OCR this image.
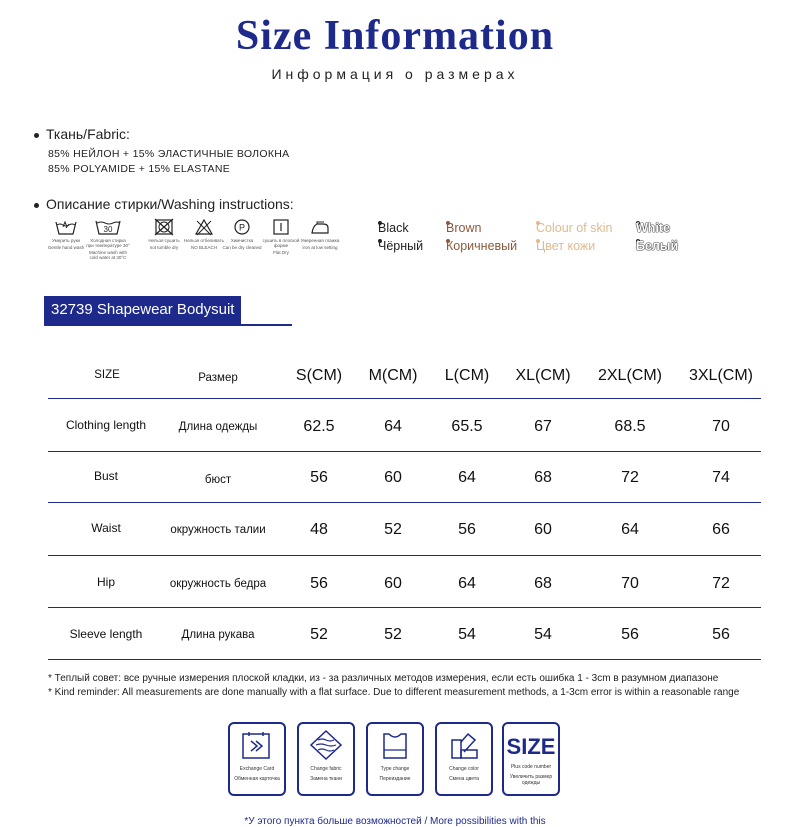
Size Information
Информация о размерах
Ткань/Fabric:
85% НЕЙЛОН + 15% ЭЛАСТИЧНЫЕ ВОЛОКНА
85% POLYAMIDE + 15% ELASTANE
Описание стирки/Washing instructions:
Умерить руки
Gentle hand wash
30
Холодная стирка при температуре 30°
Machine wash with cold water at 30°C
Нельзя сушить
not tumble dry
Нельзя отбеливать
NO BLEACH
P
Химчистка
Can be dry cleaned
сушить в плоской форме
Flat Dry
Умеренная глажка
iron at low setting
Black	Brown	Colour of skin White
Чёрный Коричневый Цвет кожи	Белый
32739 Shapewear Bodysuit
SIZE	Размер	S(CM)	M(CM)	L(CM)	XL(CM)	2XL(CM)	3XL(CM)
Clothing length	Длина одежды	62.5	64	65.5	67	68.5	70
Bust	бюст	56	60	64	68	72	74
Waist	окружность талии	48	52	56	60	64	66
Hip	окружность бедра	56	60	64	68	70	72
Sleeve length	Длина рукава	52	52	54	54	56	56
* Теплый совет: все ручные измерения плоской кладки, из - за различных методов измерения, если есть ошибка 1 - 3cm в разумном диапазоне
* Kind reminder: All measurements are done manually with a flat surface. Due to different measurement methods, a 1-3cm error is within a reasonable range
Exchange Card
Обменная карточка
Change fabric
Замена ткани
Type change
Переиздание
Change color
Смена цвета
SIZE
Plus code number
Увеличить размер одежды
*У этого пункта больше возможностей / More possibilities with this
